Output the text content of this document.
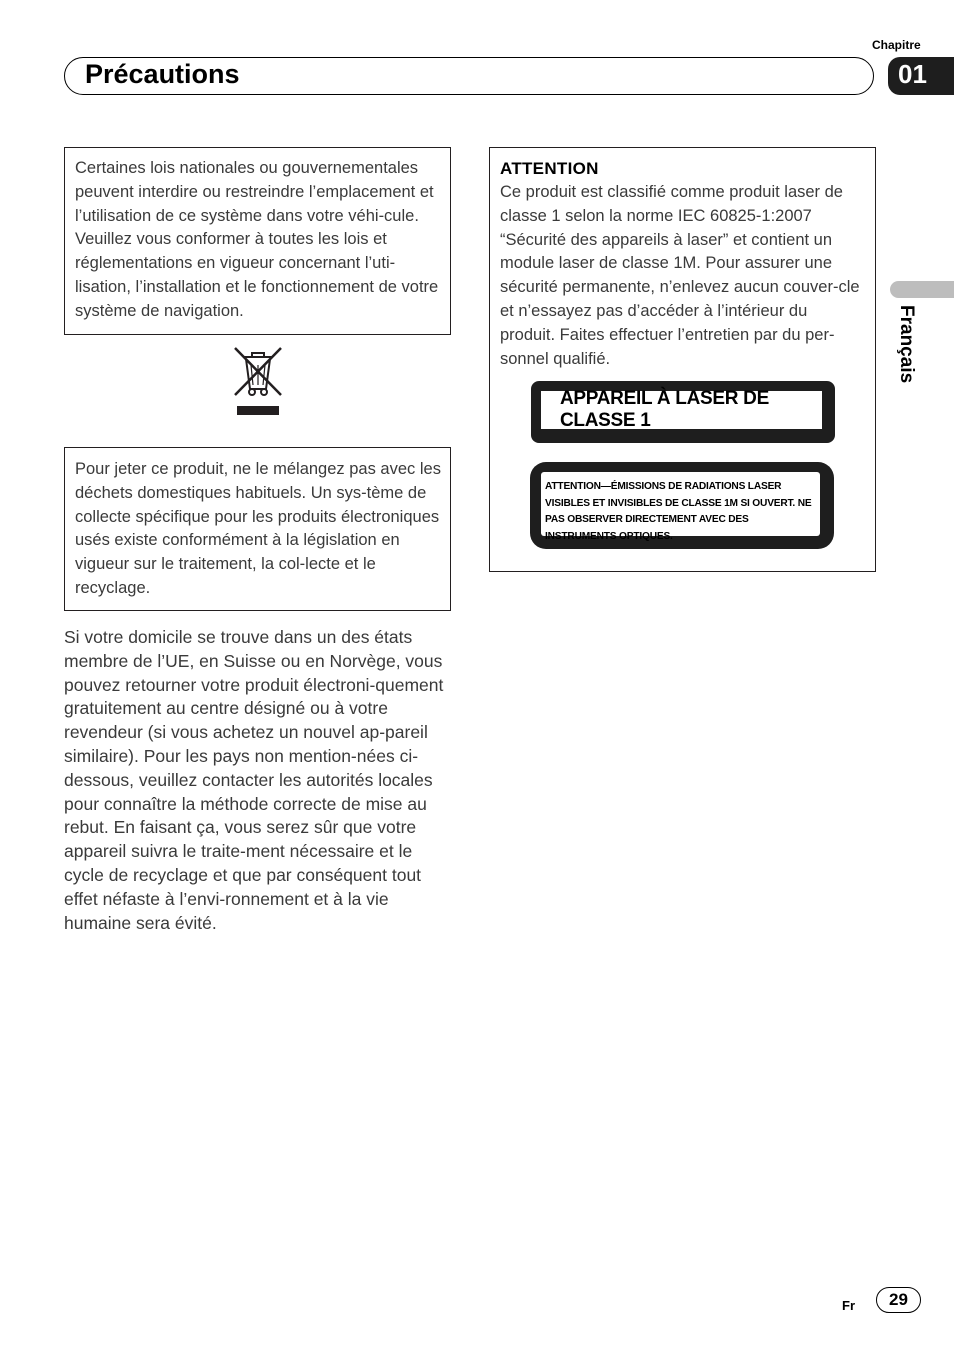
Chapitre
Précautions	01
Français
Certaines lois nationales ou gouvernementales peuvent interdire ou restreindre l’emplacement et l’utilisation de ce système dans votre véhi-cule. Veuillez vous conformer à toutes les lois et réglementations en vigueur concernant l’uti-lisation, l’installation et le fonctionnement de votre système de navigation.
Pour jeter ce produit, ne le mélangez pas avec les déchets domestiques habituels. Un sys-tème de collecte spécifique pour les produits électroniques usés existe conformément à la législation en vigueur sur le traitement, la col-lecte et le recyclage.
Si votre domicile se trouve dans un des états membre de l’UE, en Suisse ou en Norvège, vous pouvez retourner votre produit électroni-quement gratuitement au centre désigné ou à votre revendeur (si vous achetez un nouvel ap-pareil similaire). Pour les pays non mention-nées ci-dessous, veuillez contacter les autorités locales pour connaître la méthode correcte de mise au rebut. En faisant ça, vous serez sûr que votre appareil suivra le traite-ment nécessaire et le cycle de recyclage et que par conséquent tout effet néfaste à l’envi-ronnement et à la vie humaine sera évité.
ATTENTION
Ce produit est classifié comme produit laser de classe 1 selon la norme IEC 60825-1:2007 “Sécurité des appareils à laser” et contient un module laser de classe 1M. Pour assurer une sécurité permanente, n’enlevez aucun couver-cle et n’essayez pas d’accéder à l’intérieur du produit. Faites effectuer l’entretien par du per-sonnel qualifié.
APPAREIL À LASER DE CLASSE 1
ATTENTION—ÉMISSIONS DE RADIATIONS LASER VISIBLES ET INVISIBLES DE CLASSE 1M SI OUVERT. NE PAS OBSERVER DIRECTEMENT AVEC DES INSTRUMENTS OPTIQUES.
Fr	29
